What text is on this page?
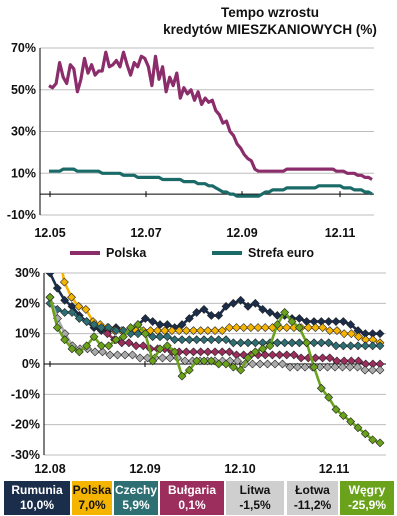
Tempo wzrostu
kredytów MIESZKANIOWYCH (%)
70%
50%
30%
10%
-10%
12.05	12.07	12.09	12.11
Polska	Strefa euro
30%
20%
10%
0%
-10%
-20%
-30%
12.08	12.09	12.10	12.11
Rumunia
10,0%
Polska
7,0%
Czechy
5,9%
Bułgaria
0,1%
Litwa
-1,5%
Łotwa
-11,2%
Węgry
-25,9%
